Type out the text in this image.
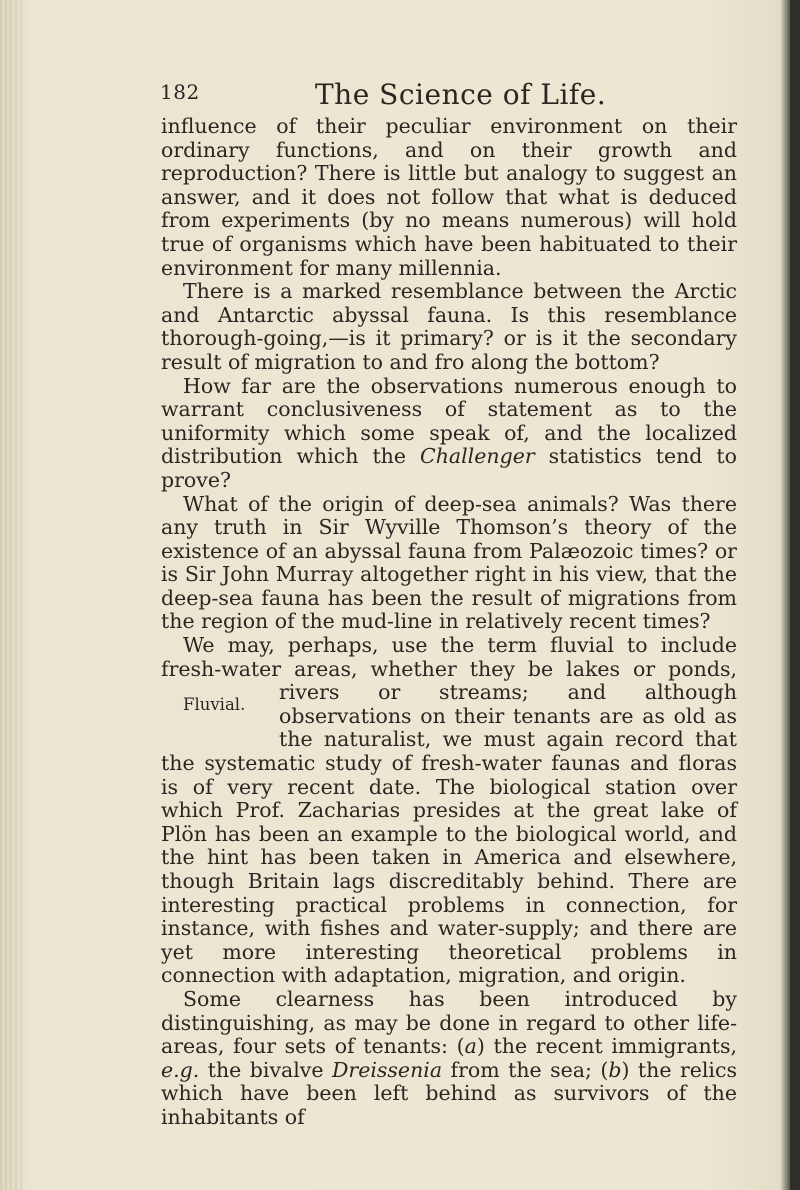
182	The Science of Life.

influence of their peculiar environment on their ordinary functions, and on their growth and reproduction? There is little but analogy to suggest an answer, and it does not follow that what is deduced from experiments (by no means numerous) will hold true of organisms which have been habituated to their environment for many millennia.

There is a marked resemblance between the Arctic and Antarctic abyssal fauna. Is this resemblance thorough-going,—is it primary? or is it the secondary result of migration to and fro along the bottom?

How far are the observations numerous enough to warrant conclusiveness of statement as to the uniformity which some speak of, and the localized distribution which the Challenger statistics tend to prove?

What of the origin of deep-sea animals? Was there any truth in Sir Wyville Thomson’s theory of the existence of an abyssal fauna from Palæozoic times? or is Sir John Murray altogether right in his view, that the deep-sea fauna has been the result of migrations from the region of the mud-line in relatively recent times?

We may, perhaps, use the term fluvial to include fresh-water areas, whether they be lakes or ponds,
Fluvial.
rivers or streams; and although observations on their tenants are as old as the naturalist, we must again record that the systematic study of fresh-water faunas and floras is of very recent date. The biological station over which Prof. Zacharias presides at the great lake of Plön has been an example to the biological world, and the hint has been taken in America and elsewhere, though Britain lags discreditably behind. There are interesting practical problems in connection, for instance, with fishes and water-supply; and there are yet more interesting theoretical problems in connection with adaptation, migration, and origin.

Some clearness has been introduced by distinguishing, as may be done in regard to other life-areas, four sets of tenants: (a) the recent immigrants, e.g. the bivalve Dreissenia from the sea; (b) the relics which have been left behind as survivors of the inhabitants of
